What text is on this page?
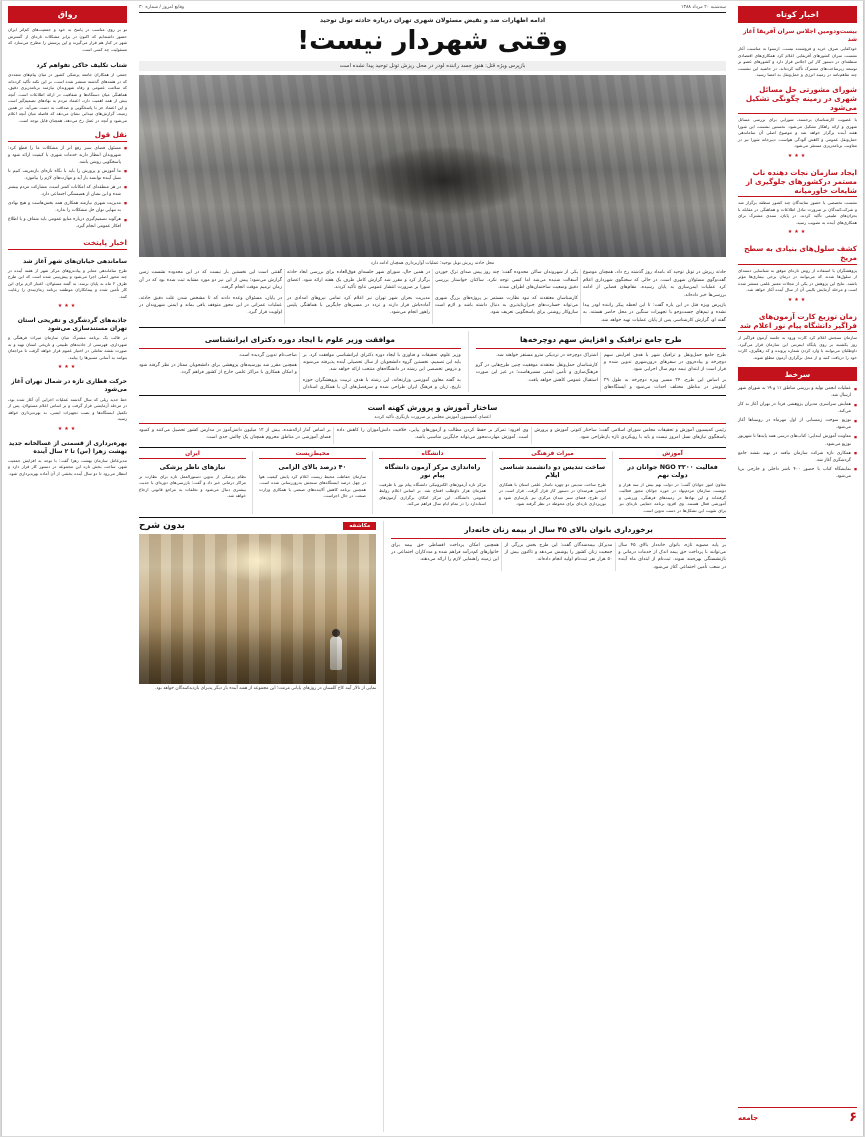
رواق
تو بر روی مناسب در پاسخ به خود و جمعیت‌های کم‌اثر ایران حضور داشته‌ایم که اکنون در برابر مشکلات تازه‌ای از گسترش شهر در کنار هم قرار می‌گیرند و این پرسش را مطرح می‌سازد که مسئولیت چه کسی است.
شتاب تکلیف خاکی تفواهم کرد
جمعی از همکاران جامعه پزشکی کشور در میان پیام‌های متعددی که در هفته‌های گذشته منتشر شده است، بر این نکته تأکید کرده‌اند که سلامت عمومی و رفاه شهروندان نیازمند برنامه‌ریزی دقیق، هماهنگی میان دستگاه‌ها و شفافیت در ارائه اطلاعات است. آنچه بیش از همه اهمیت دارد، اعتماد مردم به نهادهای تصمیم‌گیر است و این اعتماد جز با پاسخگویی و صداقت به دست نمی‌آید. در همین زمینه، گزارش‌های میدانی نشان می‌دهد که فاصله میان آنچه اعلام می‌شود و آنچه در عمل رخ می‌دهد، همچنان قابل توجه است.
نقل قول
■ مسئول فضای سبز رفع اثر از مشکلات ما را قطع کرد: شهروندان انتظار دارند خدمات شهری با کیفیت ارائه شود و پاسخگویی روشن باشد.
■ ما آموزش و پرورش را باید با نگاه تازه‌ای بازتعریف کنیم تا نسل آینده توانمند بار آید و مهارت‌های لازم را بیاموزد.
■ در هر منطقه‌ای که امکانات کمتر است، مشارکت مردم بیشتر شده و این نشان از همبستگی اجتماعی دارد.
■ مدیریت شهری نیازمند همکاری همه بخش‌هاست و هیچ نهادی به تنهایی توان حل مشکلات را ندارد.
■ هرگونه تصمیم‌گیری درباره منابع عمومی باید شفاف و با اطلاع افکار عمومی انجام گیرد.
اخبار پایتخت
ساماندهی خیابان‌های شهر آغاز شد
طرح ساماندهی معابر و پیاده‌روهای مرکز شهر از هفته آینده در چند محور اصلی اجرا می‌شود و پیش‌بینی شده است که این طرح ظرف ۲ ماه به پایان برسد. به گفته مسئولان، اعتبار لازم برای این کار تأمین شده و پیمانکاران موظفند برنامه زمان‌بندی را رعایت کنند.
★★★
جاذبه‌های گردشگری و تفریحی استان تهران مستندسازی می‌شود
در قالب یک برنامه مشترک میان سازمان میراث فرهنگی و شهرداری، فهرستی از جاذبه‌های طبیعی و تاریخی استان تهیه و به صورت نقشه تعاملی در اختیار عموم قرار خواهد گرفت تا مراجعان بتوانند به آسانی مسیرها را بیابند.
★★★
حرکت قطاری تازه در شمال تهران آغاز می‌شود
خط جدید ریلی که سال گذشته عملیات اجرایی آن آغاز شده بود، در مرحله آزمایشی قرار گرفت و بر اساس اعلام مسئولان، پس از تکمیل ایستگاه‌ها و نصب تجهیزات ایمنی، به بهره‌برداری خواهد رسید.
★★★
بهره‌برداری از قسمتی از غسالخانه جدید بهشت زهرا (س) تا ۲ سال آینده
مدیرعامل سازمان بهشت زهرا گفت: با توجه به افزایش جمعیت شهر، ساخت بخش تازه این مجموعه در دستور کار قرار دارد و انتظار می‌رود تا دو سال آینده بخشی از آن آماده بهره‌برداری شود.
سه‌شنبه ۲۰ مرداد ۱۳۸۸
وقایع امروز / شماره ۳۰
ادامه اظهارات ضد و نقیض مسئولان شهری تهران درباره حادثه تونل توحید
وقتی شهردار نیست!
بازپرس ویژه قتل: هنوز جسد راننده لودر در محل ریزش تونل توحید پیدا نشده است
محل حادثه ریزش تونل توحید؛ عملیات آواربرداری همچنان ادامه دارد

حادثه ریزش در تونل توحید که بامداد روز گذشته رخ داد، همچنان موضوع گفت‌وگوی مسئولان شهری است. در حالی که سخنگوی شهرداری اعلام کرد عملیات ایمن‌سازی به پایان رسیده، مقام‌های قضایی از ادامه بررسی‌ها خبر داده‌اند.

بازپرس ویژه قتل در این باره گفت: تا این لحظه پیکر راننده لودر پیدا نشده و تیم‌های جست‌وجو با تجهیزات سنگین در محل حاضر هستند. به گفته او، گزارش کارشناسی پس از پایان عملیات تهیه خواهد شد.

یکی از شهروندان ساکن محدوده گفت: چند روز پیش صدای ترک خوردن آسفالت شنیده می‌شد اما کسی توجه نکرد. ساکنان خواستار بررسی دقیق وضعیت ساختمان‌های اطراف شدند.

کارشناسان معتقدند که نبود نظارت مستمر بر پروژه‌های بزرگ شهری می‌تواند خسارت‌های جبران‌ناپذیری به دنبال داشته باشد و لازم است سازوکار روشنی برای پاسخگویی تعریف شود.

در همین حال، شورای شهر جلسه‌ای فوق‌العاده برای بررسی ابعاد حادثه برگزار کرد و مقرر شد گزارش کامل ظرف یک هفته ارائه شود. اعضای شورا بر ضرورت انتشار عمومی نتایج تأکید کردند.

مدیریت بحران شهر تهران نیز اعلام کرد تمامی نیروهای امدادی در آماده‌باش قرار دارند و تردد در مسیرهای جایگزین با هماهنگی پلیس راهور انجام می‌شود.

گفتنی است این نخستین بار نیست که در این محدوده نشست زمین گزارش می‌شود؛ پیش از این نیز دو مورد مشابه ثبت شده بود که در آن زمان ترمیم موقت انجام گرفت.

در پایان، مسئولان وعده دادند که تا مشخص شدن علت دقیق حادثه، عملیات عمرانی در این محور متوقف باقی بماند و ایمنی شهروندان در اولویت قرار گیرد.

طرح جامع ترافیک و افزایش سهم دوچرخه‌ها

طرح جامع حمل‌ونقل و ترافیک شهر با هدف افزایش سهم دوچرخه و پیاده‌روی در سفرهای درون‌شهری تدوین شده و قرار است از ابتدای نیمه دوم سال اجرایی شود.

بر اساس این طرح، ۲۴ مسیر ویژه دوچرخه به طول ۲۹ کیلومتر در مناطق مختلف احداث می‌شود و ایستگاه‌های اشتراک دوچرخه در نزدیکی مترو مستقر خواهند شد.

کارشناسان حمل‌ونقل معتقدند موفقیت چنین طرح‌هایی در گرو فرهنگ‌سازی و تأمین ایمنی مسیرهاست؛ در غیر این صورت استقبال عمومی کاهش خواهد یافت.

موافقت وزیر علوم با ایجاد دوره دکترای ایرانشناسی

وزیر علوم، تحقیقات و فناوری با ایجاد دوره دکترای ایرانشناسی موافقت کرد. بر پایه این تصمیم، نخستین گروه دانشجویان از سال تحصیلی آینده پذیرفته می‌شوند و دروس تخصصی این رشته در دانشگاه‌های منتخب ارائه خواهد شد.

به گفته معاون آموزشی وزارتخانه، این رشته با هدف تربیت پژوهشگران حوزه تاریخ، زبان و فرهنگ ایران طراحی شده و سرفصل‌های آن با همکاری استادان صاحب‌نام تدوین گردیده است.

همچنین مقرر شد بورسیه‌های پژوهشی برای دانشجویان ممتاز در نظر گرفته شود و امکان همکاری با مراکز علمی خارج از کشور فراهم گردد.

ساختار آموزش و پرورش کهنه است
اعضای کمیسیون آموزش مجلس بر ضرورت بازنگری تأکید کردند

رئیس کمیسیون آموزش و تحقیقات مجلس شورای اسلامی گفت: ساختار کنونی آموزش و پرورش پاسخگوی نیازهای نسل امروز نیست و باید با رویکردی تازه بازطراحی شود.

وی افزود: تمرکز بر حفظ کردن مطالب و آزمون‌های پیاپی، خلاقیت دانش‌آموزان را کاهش داده است. آموزش مهارت‌محور می‌تواند جایگزین مناسبی باشد.

بر اساس آمار ارائه‌شده، بیش از ۱۲ میلیون دانش‌آموز در مدارس کشور تحصیل می‌کنند و کمبود فضای آموزشی در مناطق محروم همچنان یک چالش جدی است.

آموزش
فعالیت ۳۲۰۰ NGO جوانان در دولت نهم
معاون امور جوانان گفت: در دولت نهم بیش از سه هزار و دویست سازمان مردم‌نهاد در حوزه جوانان مجوز فعالیت گرفته‌اند و این نهادها در زمینه‌های فرهنگی، ورزشی و آموزشی فعال هستند. وی افزود برنامه حمایتی تازه‌ای نیز برای تقویت این تشکل‌ها در دست تدوین است.
میراث فرهنگی
ساخت تندیس دو دانشمند شناسی ایلام
طرح ساخت تندیس دو چهره نامدار علمی استان با همکاری انجمن هنرمندان در دستور کار قرار گرفت. قرار است در این طرح، فضای سبز میدان مرکزی نیز بازسازی شود و نورپردازی تازه‌ای برای محوطه در نظر گرفته شود.
دانشگاه
راه‌اندازی مرکز آزمون دانشگاه پیام نور
مرکز تازه آزمون‌های الکترونیکی دانشگاه پیام نور با ظرفیت همزمان هزار داوطلب افتتاح شد. بر اساس اعلام روابط عمومی دانشگاه، این مرکز امکان برگزاری آزمون‌های استاندارد را در تمام ایام سال فراهم می‌کند.
محیط‌زیست
۴۰ درصد بالای الزامی
سازمان حفاظت محیط زیست اعلام کرد پایش کیفیت هوا در چهل درصد ایستگاه‌های سنجش به‌روزرسانی شده است. همچنین برنامه کاهش آلاینده‌های صنعتی با همکاری وزارت صنعت در حال اجراست.
ایران
نیازهای ناظر پزشکی
نظام پزشکی از تدوین دستورالعمل تازه برای نظارت بر مراکز درمانی خبر داد و گفت: بازرسی‌های دوره‌ای با جدیت بیشتری دنبال می‌شود و تخلفات به مراجع قانونی ارجاع خواهد شد.
برخورداری بانوان بالای ۴۵ سال از بیمه زنان خانه‌دار

بر پایه مصوبه تازه، بانوان خانه‌دار بالای ۴۵ سال می‌توانند با پرداخت حق بیمه اندک از خدمات درمانی و بازنشستگی بهره‌مند شوند. ثبت‌نام از ابتدای ماه آینده در شعب تأمین اجتماعی آغاز می‌شود.

مدیرکل بیمه‌شدگان گفت: این طرح بخش بزرگی از جمعیت زنان کشور را پوشش می‌دهد و تاکنون بیش از ۵۰ هزار نفر ثبت‌نام اولیه انجام داده‌اند.

همچنین امکان پرداخت اقساطی حق بیمه برای خانوارهای کم‌درآمد فراهم شده و مددکاران اجتماعی در این زمینه راهنمایی لازم را ارائه می‌دهند.

مکاشفه
بدون شرح
نمایی از تالار آینه کاخ گلستان در روزهای پایانی مرمت؛ این مجموعه از هفته آینده بار دیگر پذیرای بازدیدکنندگان خواهد بود.
اخبار کوتاه
بیست‌ودومین اجلاس سران آفریقا آغاز شد
خودکفایی صرف خرید و فروشنده نیست. ارسنوا به مناسبت آغاز نشست سران کشورهای آفریقایی اعلام کرد همکاری‌های اقتصادی منطقه‌ای در دستور کار این اجلاس قرار دارد و کشورهای عضو بر توسعه زیرساخت‌های مشترک تأکید کرده‌اند. در حاشیه این نشست چند تفاهم‌نامه در زمینه انرژی و حمل‌ونقل به امضا رسید.
شورای مشورتی حل مسائل شهری در زمینه چگونگی تشکیل می‌شود
با عضویت کارشناسان برجسته، شورایی برای بررسی مسائل شهری و ارائه راهکار تشکیل می‌شود. نخستین نشست این شورا هفته آینده برگزار خواهد شد و موضوع اصلی آن ساماندهی حمل‌ونقل عمومی و کاهش آلودگی هواست. دبیرخانه شورا نیز در معاونت برنامه‌ریزی مستقر می‌شود.
★★★
ایجاد سازمان نجات دهنده ناب مستمر درکشورهای جلوگیری از شایعات خاورمیانه
نشست تخصصی با حضور نمایندگان چند کشور منطقه برگزار شد و شرکت‌کنندگان بر ضرورت تبادل اطلاعات و هماهنگی در مقابله با بحران‌های طبیعی تأکید کردند. در پایان، سندی مشترک برای همکاری‌های آینده به تصویب رسید.
★★★
کشف سلول‌های بنیادی به سطح مریخ
پژوهشگران با استفاده از روش تازه‌ای موفق به شناسایی دسته‌ای از سلول‌ها شدند که می‌توانند در درمان برخی بیماری‌ها مؤثر باشند. نتایج این پژوهش در یکی از مجلات معتبر علمی منتشر شده است و مرحله آزمایش بالینی آن از سال آینده آغاز خواهد شد.
★★★
زمان توزیع کارت آزمون‌های فراگیر دانشگاه پیام نور اعلام شد
سازمان سنجش اعلام کرد کارت ورود به جلسه آزمون فراگیر از روز یکشنبه بر روی پایگاه اینترنتی این سازمان قرار می‌گیرد. داوطلبان می‌توانند با وارد کردن شماره پرونده و کد رهگیری، کارت خود را دریافت کنند و از محل برگزاری آزمون مطلع شوند.
سرخط
■ عملیات انجمن تولید و بررسی مناطق ۱۱ و ۱۹ به شورای شهر ارسال شد.
■ همایش سراسری مدیران پژوهشی فردا در تهران آغاز به کار می‌کند.
■ توزیع سوخت زمستانی از اول مهرماه در روستاها آغاز می‌شود.
■ معاونت آموزش ابتدایی: کتاب‌های درسی همه پایه‌ها تا شهریور توزیع می‌شود.
■ همکاری تازه شرکت سازمان نیافته در تهیه نقشه جامع گردشگری آغاز شد.
■ نمایشگاه کتاب با حضور ۴۰۰ ناشر داخلی و خارجی برپا می‌شود.
۶
جامعه
